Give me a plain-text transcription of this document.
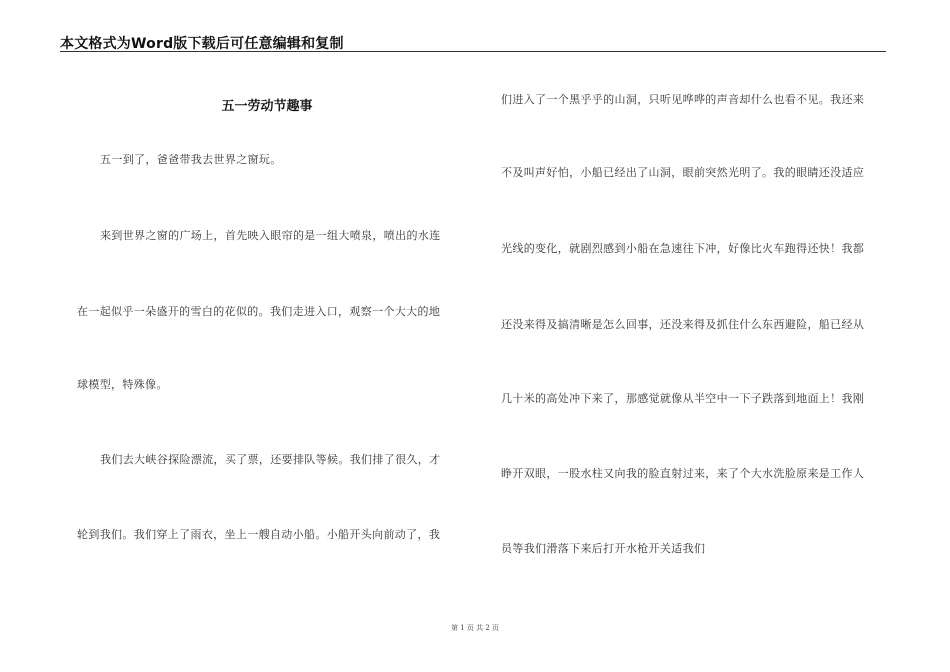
本文格式为Word版下载后可任意编辑和复制
五一劳动节趣事
五一到了，爸爸带我去世界之窗玩。
来到世界之窗的广场上，首先映入眼帘的是一组大喷泉，喷出的水连
在一起似乎一朵盛开的雪白的花似的。我们走进入口，观察一个大大的地
球模型，特殊像。
我们去大峡谷探险漂流，买了票，还要排队等候。我们排了很久，才
轮到我们。我们穿上了雨衣，坐上一艘自动小船。小船开头向前动了，我
们进入了一个黑乎乎的山洞，只听见哗哗的声音却什么也看不见。我还来
不及叫声好怕，小船已经出了山洞，眼前突然光明了。我的眼睛还没适应
光线的变化，就剧烈感到小船在急速往下冲，好像比火车跑得还快！我都
还没来得及搞清晰是怎么回事，还没来得及抓住什么东西避险，船已经从
几十米的高处冲下来了，那感觉就像从半空中一下子跌落到地面上！我刚
睁开双眼，一股水柱又向我的脸直射过来，来了个大水洗脸原来是工作人
员等我们滑落下来后打开水枪开关适我们
第 1 页 共 2 页
